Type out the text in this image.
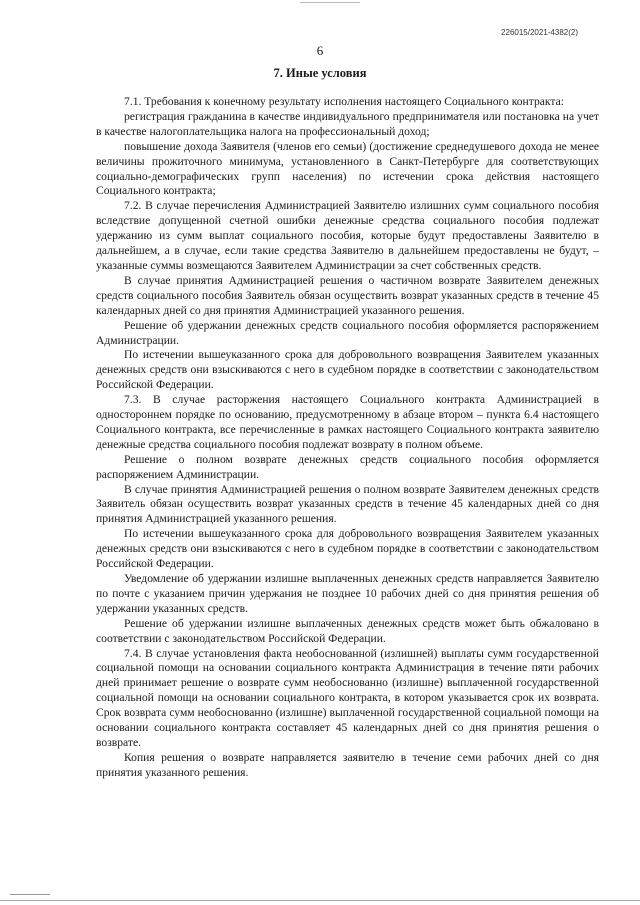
226015/2021-4382(2)
6
7. Иные условия

7.1. Требования к конечному результату исполнения настоящего Социального контракта:

регистрация гражданина в качестве индивидуального предпринимателя или постановка на учет в качестве налогоплательщика налога на профессиональный доход;

повышение дохода Заявителя (членов его семьи) (достижение среднедушевого дохода не менее величины прожиточного минимума, установленного в Санкт-Петербурге для соответствующих социально-демографических групп населения) по истечении срока действия настоящего Социального контракта;

7.2. В случае перечисления Администрацией Заявителю излишних сумм социального пособия вследствие допущенной счетной ошибки денежные средства социального пособия подлежат удержанию из сумм выплат социального пособия, которые будут предоставлены Заявителю в дальнейшем, а в случае, если такие средства Заявителю в дальнейшем предоставлены не будут, – указанные суммы возмещаются Заявителем Администрации за счет собственных средств.

В случае принятия Администрацией решения о частичном возврате Заявителем денежных средств социального пособия Заявитель обязан осуществить возврат указанных средств в течение 45 календарных дней со дня принятия Администрацией указанного решения.

Решение об удержании денежных средств социального пособия оформляется распоряжением Администрации.

По истечении вышеуказанного срока для добровольного возвращения Заявителем указанных денежных средств они взыскиваются с него в судебном порядке в соответствии с законодательством Российской Федерации.

7.3. В случае расторжения настоящего Социального контракта Администрацией в одностороннем порядке по основанию, предусмотренному в абзаце втором – пункта 6.4 настоящего Социального контракта, все перечисленные в рамках настоящего Социального контракта заявителю денежные средства социального пособия подлежат возврату в полном объеме.

Решение о полном возврате денежных средств социального пособия оформляется распоряжением Администрации.

В случае принятия Администрацией решения о полном возврате Заявителем денежных средств Заявитель обязан осуществить возврат указанных средств в течение 45 календарных дней со дня принятия Администрацией указанного решения.

По истечении вышеуказанного срока для добровольного возвращения Заявителем указанных денежных средств они взыскиваются с него в судебном порядке в соответствии с законодательством Российской Федерации.

Уведомление об удержании излишне выплаченных денежных средств направляется Заявителю по почте с указанием причин удержания не позднее 10 рабочих дней со дня принятия решения об удержании указанных средств.

Решение об удержании излишне выплаченных денежных средств может быть обжаловано в соответствии с законодательством Российской Федерации.

7.4. В случае установления факта необоснованной (излишней) выплаты сумм государственной социальной помощи на основании социального контракта Администрация в течение пяти рабочих дней принимает решение о возврате сумм необоснованно (излишне) выплаченной государственной социальной помощи на основании социального контракта, в котором указывается срок их возврата. Срок возврата сумм необоснованно (излишне) выплаченной государственной социальной помощи на основании социального контракта составляет 45 календарных дней со дня принятия решения о возврате.

Копия решения о возврате направляется заявителю в течение семи рабочих дней со дня принятия указанного решения.
